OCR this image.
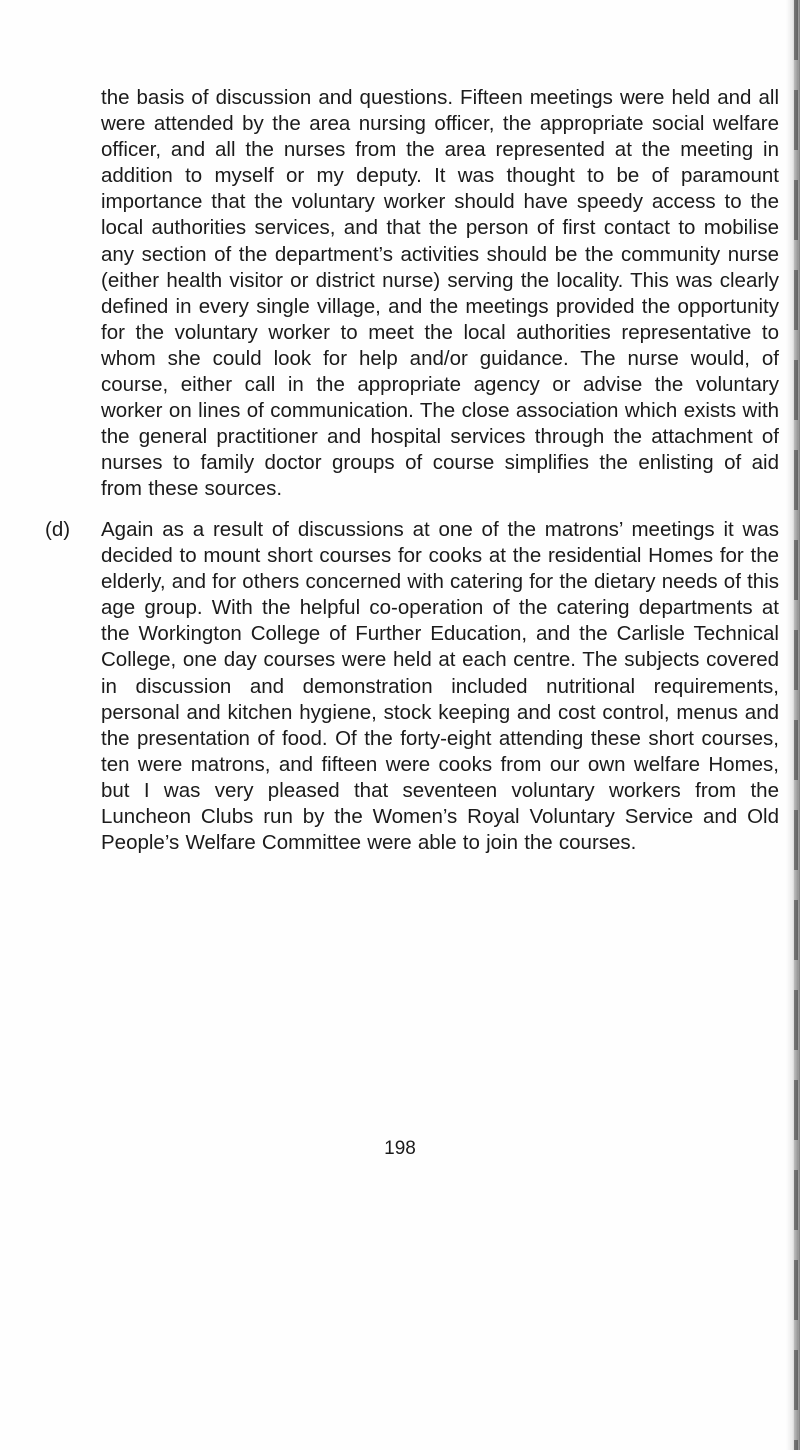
the basis of discussion and questions. Fifteen meetings were held and all were attended by the area nursing officer, the appropriate social welfare officer, and all the nurses from the area represented at the meeting in addition to myself or my deputy. It was thought to be of paramount importance that the voluntary worker should have speedy access to the local authorities services, and that the person of first contact to mobilise any section of the department’s activities should be the community nurse (either health visitor or district nurse) serving the locality. This was clearly defined in every single village, and the meetings provided the opportunity for the voluntary worker to meet the local authorities representative to whom she could look for help and/or guidance. The nurse would, of course, either call in the appropriate agency or advise the voluntary worker on lines of communication. The close association which exists with the general practitioner and hospital services through the attachment of nurses to family doctor groups of course simplifies the enlisting of aid from these sources.

(d) Again as a result of discussions at one of the matrons’ meetings it was decided to mount short courses for cooks at the residential Homes for the elderly, and for others concerned with catering for the dietary needs of this age group. With the helpful co-operation of the catering departments at the Workington College of Further Education, and the Carlisle Technical College, one day courses were held at each centre. The subjects covered in discussion and demonstration included nutritional requirements, personal and kitchen hygiene, stock keeping and cost control, menus and the presentation of food. Of the forty-eight attending these short courses, ten were matrons, and fifteen were cooks from our own welfare Homes, but I was very pleased that seventeen voluntary workers from the Luncheon Clubs run by the Women’s Royal Voluntary Service and Old People’s Welfare Committee were able to join the courses.

198
